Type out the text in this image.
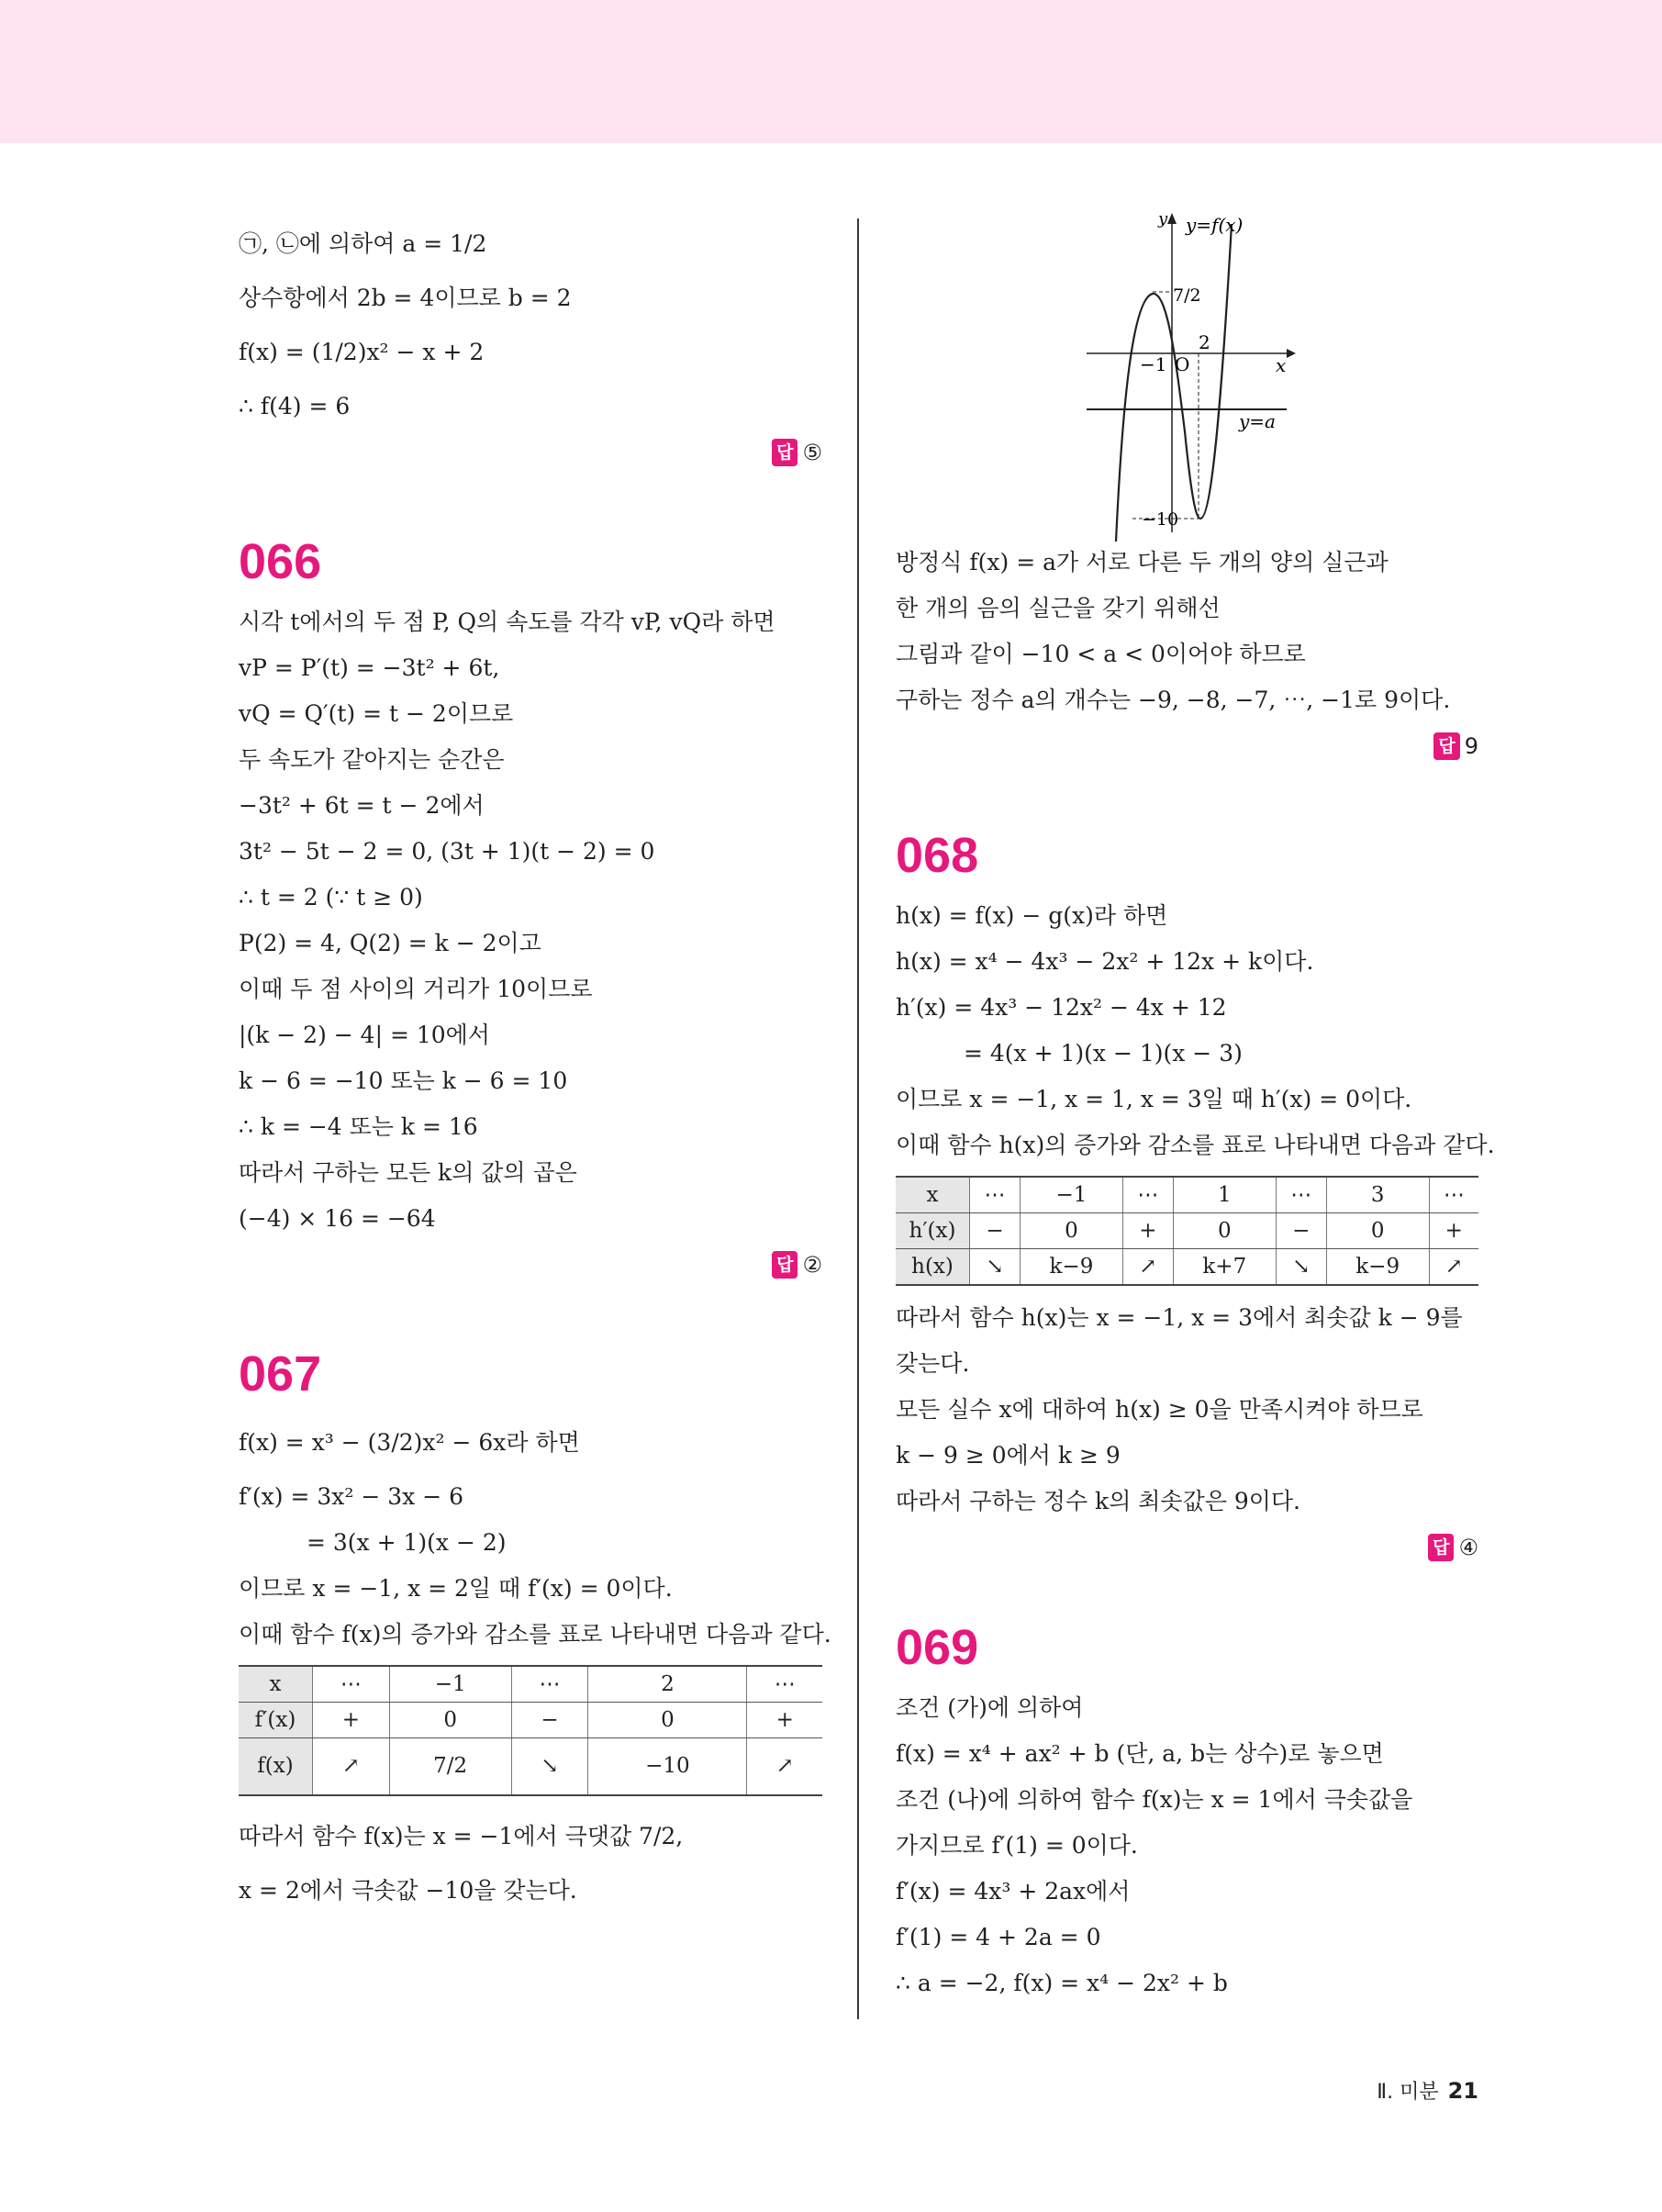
㉠, ㉡에 의하여 a = 1/2
상수항에서 2b = 4이므로 b = 2
f(x) = (1/2)x² − x + 2
∴ f(4) = 6
답 ⑤
066
시각 t에서의 두 점 P, Q의 속도를 각각 vP, vQ라 하면
vP = P′(t) = −3t² + 6t,
vQ = Q′(t) = t − 2이므로
두 속도가 같아지는 순간은
−3t² + 6t = t − 2에서
3t² − 5t − 2 = 0, (3t + 1)(t − 2) = 0
∴ t = 2 (∵ t ≥ 0)
P(2) = 4, Q(2) = k − 2이고
이때 두 점 사이의 거리가 10이므로
|(k − 2) − 4| = 10에서
k − 6 = −10 또는 k − 6 = 10
∴ k = −4 또는 k = 16
따라서 구하는 모든 k의 값의 곱은
(−4) × 16 = −64
답 ②
067
f(x) = x³ − (3/2)x² − 6x라 하면
f′(x) = 3x² − 3x − 6
= 3(x + 1)(x − 2)
이므로 x = −1, x = 2일 때 f′(x) = 0이다.
이때 함수 f(x)의 증가와 감소를 표로 나타내면 다음과 같다.
x	⋯	−1	⋯	2	⋯
f′(x)	+	0	−	0	+
f(x)	↗	7/2	↘	−10	↗
따라서 함수 f(x)는 x = −1에서 극댓값 7/2,
x = 2에서 극솟값 −10을 갖는다.
y y=f(x)
x
O
−1
2
7/2
y=a
−10
방정식 f(x) = a가 서로 다른 두 개의 양의 실근과
한 개의 음의 실근을 갖기 위해선
그림과 같이 −10 < a < 0이어야 하므로
구하는 정수 a의 개수는 −9, −8, −7, ⋯, −1로 9이다.
답 9
068
h(x) = f(x) − g(x)라 하면
h(x) = x⁴ − 4x³ − 2x² + 12x + k이다.
h′(x) = 4x³ − 12x² − 4x + 12
= 4(x + 1)(x − 1)(x − 3)
이므로 x = −1, x = 1, x = 3일 때 h′(x) = 0이다.
이때 함수 h(x)의 증가와 감소를 표로 나타내면 다음과 같다.
x	⋯	−1	⋯	1	⋯	3	⋯
h′(x)	−	0	+	0	−	0	+
h(x)	↘	k−9	↗	k+7	↘	k−9	↗
따라서 함수 h(x)는 x = −1, x = 3에서 최솟값 k − 9를
갖는다.
모든 실수 x에 대하여 h(x) ≥ 0을 만족시켜야 하므로
k − 9 ≥ 0에서 k ≥ 9
따라서 구하는 정수 k의 최솟값은 9이다.
답 ④
069
조건 (가)에 의하여
f(x) = x⁴ + ax² + b (단, a, b는 상수)로 놓으면
조건 (나)에 의하여 함수 f(x)는 x = 1에서 극솟값을
가지므로 f′(1) = 0이다.
f′(x) = 4x³ + 2ax에서
f′(1) = 4 + 2a = 0
∴ a = −2, f(x) = x⁴ − 2x² + b
Ⅱ. 미분 21
